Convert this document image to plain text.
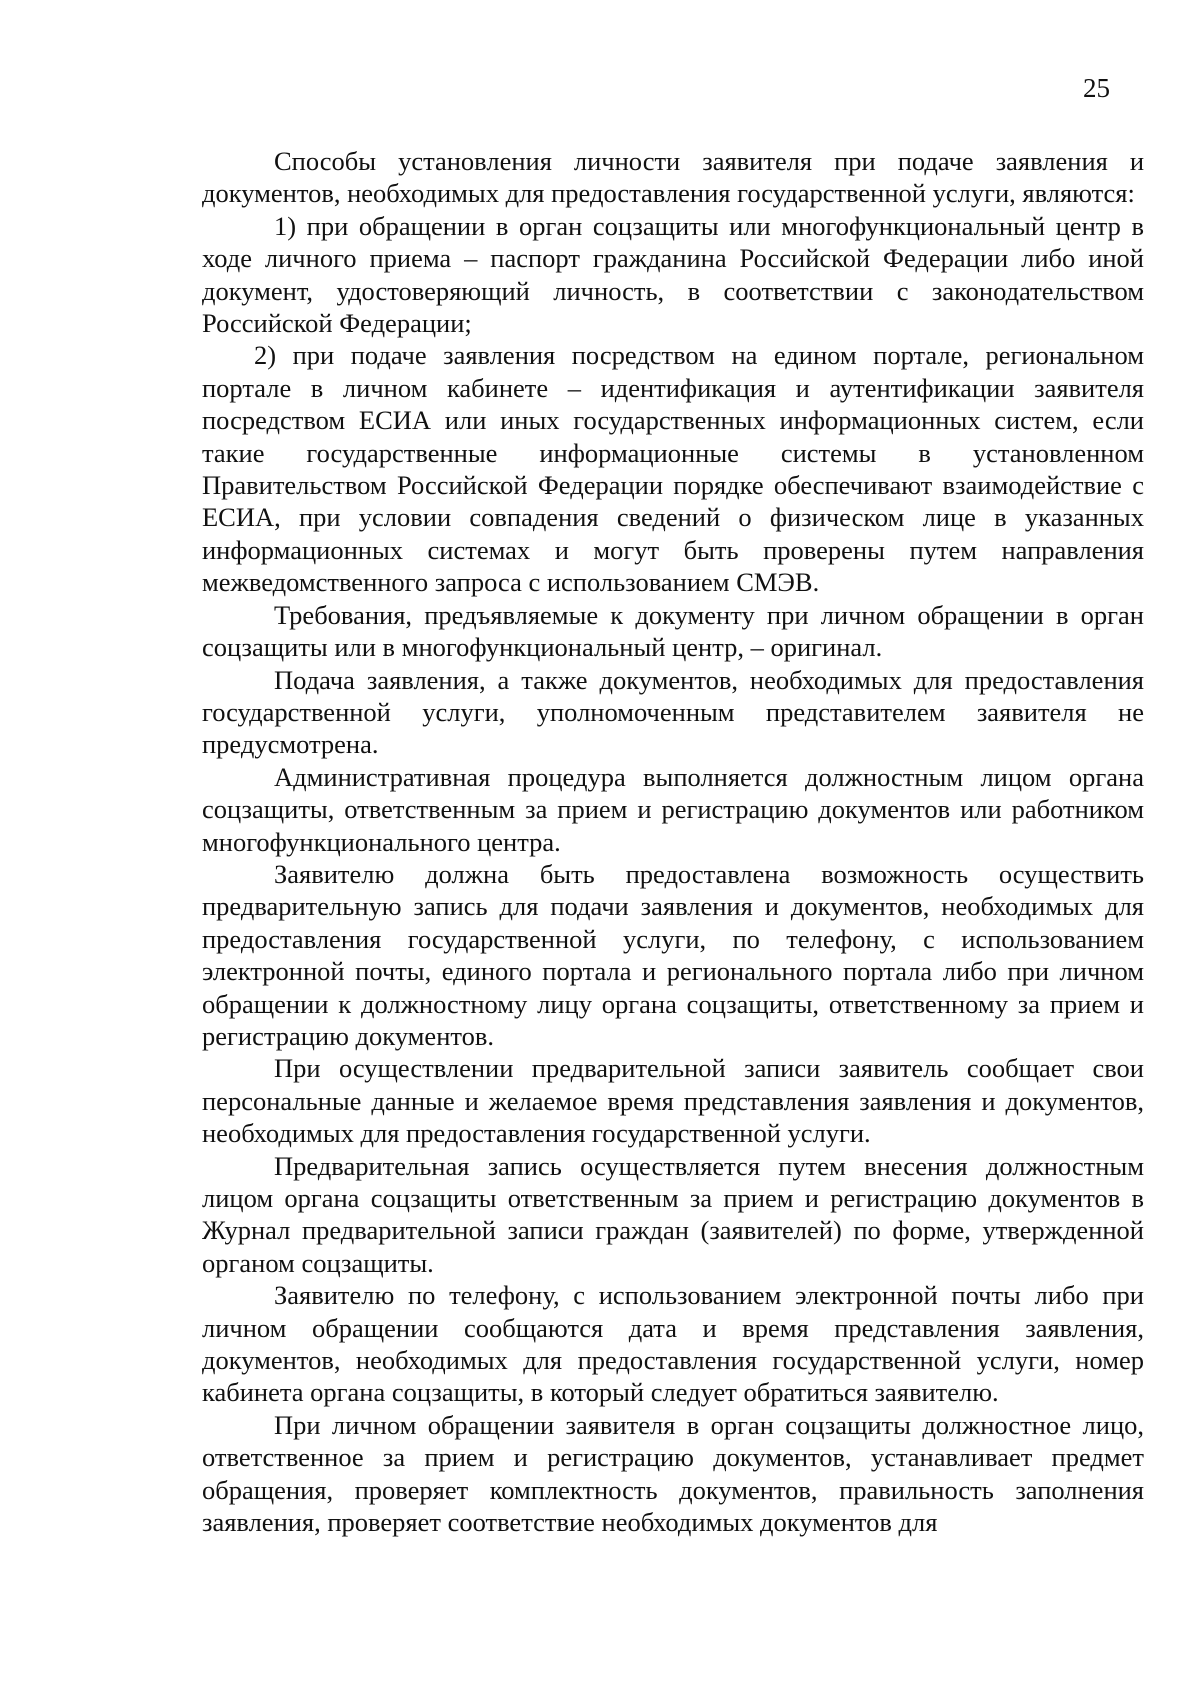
25

Способы установления личности заявителя при подаче заявления и документов, необходимых для предоставления государственной услуги, являются:

1) при обращении в орган соцзащиты или многофункциональный центр в ходе личного приема – паспорт гражданина Российской Федерации либо иной документ, удостоверяющий личность, в соответствии с законодательством Российской Федерации;

2) при подаче заявления посредством на едином портале, региональном портале в личном кабинете – идентификация и аутентификации заявителя посредством ЕСИА или иных государственных информационных систем, если такие государственные информационные системы в установленном Правительством Российской Федерации порядке обеспечивают взаимодействие с ЕСИА, при условии совпадения сведений о физическом лице в указанных информационных системах и могут быть проверены путем направления межведомственного запроса с использованием СМЭВ.

Требования, предъявляемые к документу при личном обращении в орган соцзащиты или в многофункциональный центр, – оригинал.

Подача заявления, а также документов, необходимых для предоставления государственной услуги, уполномоченным представителем заявителя не предусмотрена.

Административная процедура выполняется должностным лицом органа соцзащиты, ответственным за прием и регистрацию документов или работником многофункционального центра.

Заявителю должна быть предоставлена возможность осуществить предварительную запись для подачи заявления и документов, необходимых для предоставления государственной услуги, по телефону, с использованием электронной почты, единого портала и регионального портала либо при личном обращении к должностному лицу органа соцзащиты, ответственному за прием и регистрацию документов.

При осуществлении предварительной записи заявитель сообщает свои персональные данные и желаемое время представления заявления и документов, необходимых для предоставления государственной услуги.

Предварительная запись осуществляется путем внесения должностным лицом органа соцзащиты ответственным за прием и регистрацию документов в Журнал предварительной записи граждан (заявителей) по форме, утвержденной органом соцзащиты.

Заявителю по телефону, с использованием электронной почты либо при личном обращении сообщаются дата и время представления заявления, документов, необходимых для предоставления государственной услуги, номер кабинета органа соцзащиты, в который следует обратиться заявителю.

При личном обращении заявителя в орган соцзащиты должностное лицо, ответственное за прием и регистрацию документов, устанавливает предмет обращения, проверяет комплектность документов, правильность заполнения заявления, проверяет соответствие необходимых документов для
